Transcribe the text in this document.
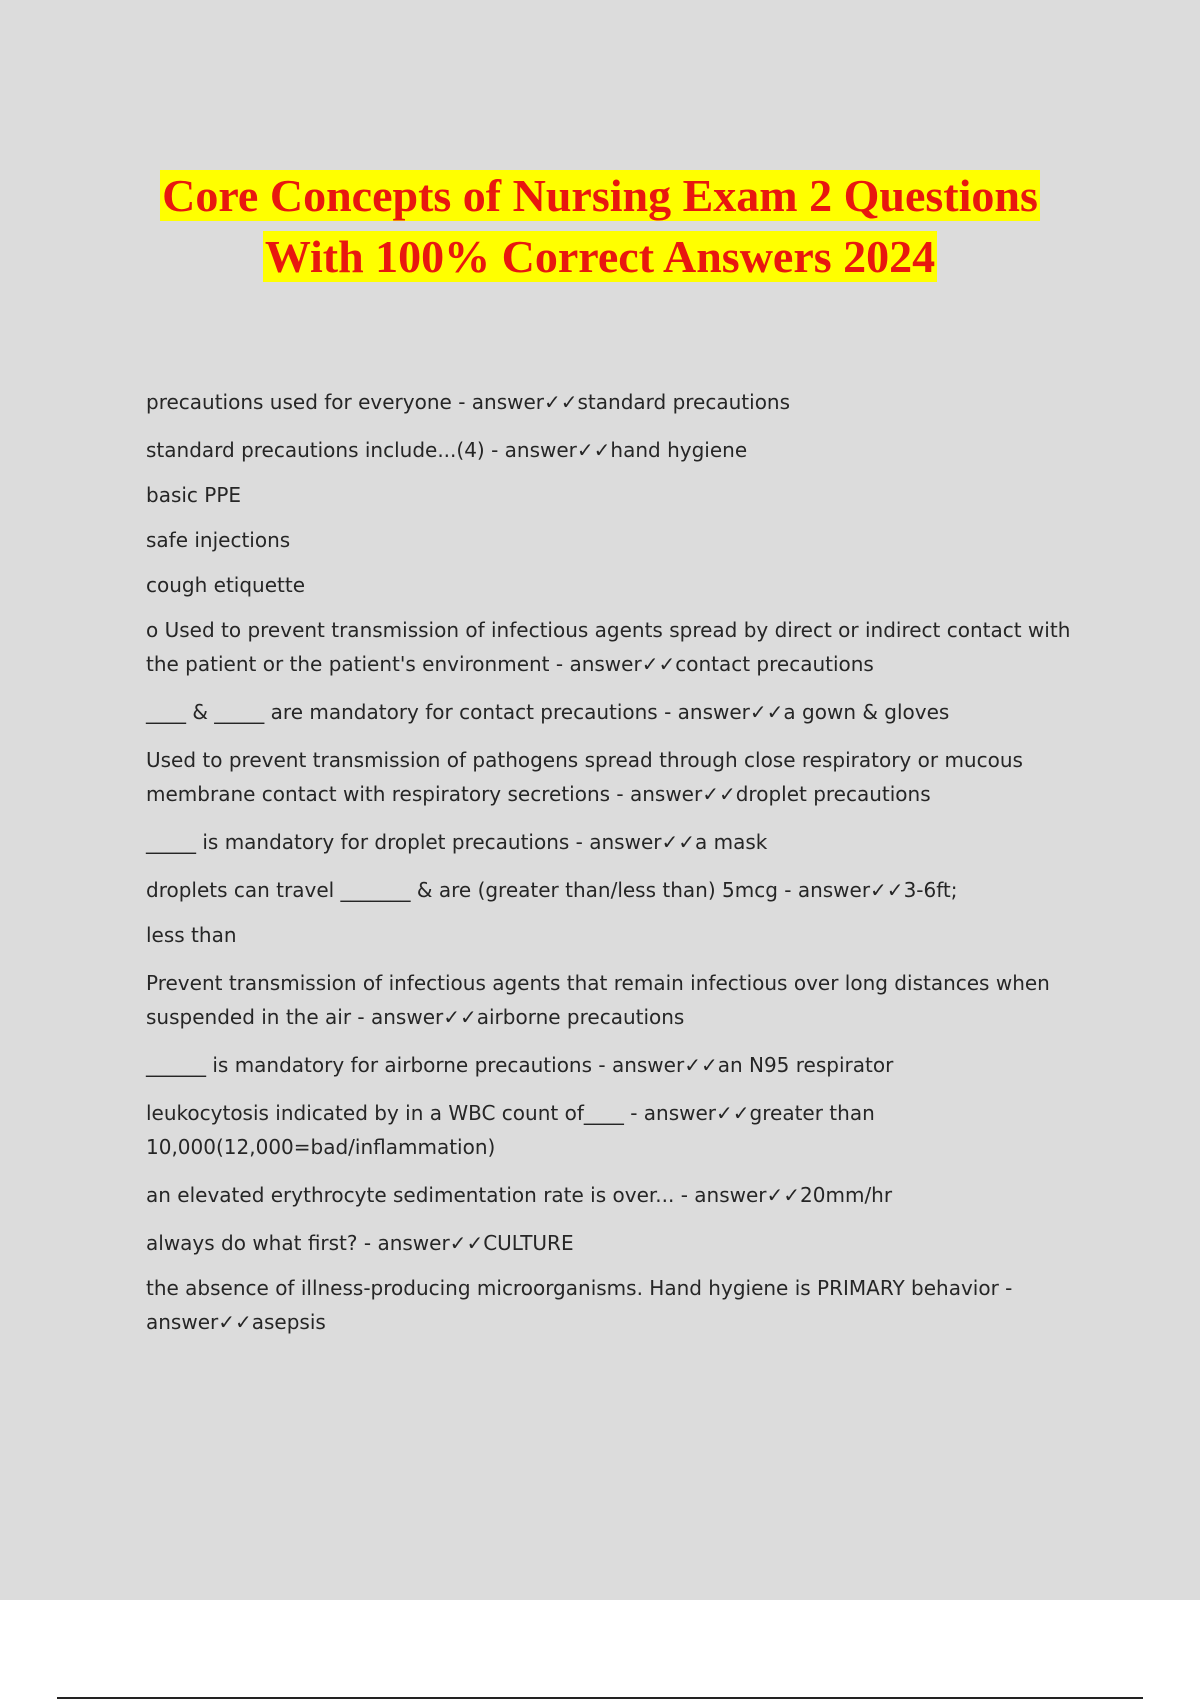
Core Concepts of Nursing Exam 2 Questions
With 100% Correct Answers 2024

precautions used for everyone - answer✓✓standard precautions

standard precautions include...(4) - answer✓✓hand hygiene

basic PPE

safe injections

cough etiquette

o Used to prevent transmission of infectious agents spread by direct or indirect contact with the patient or the patient's environment - answer✓✓contact precautions

____ & _____ are mandatory for contact precautions - answer✓✓a gown & gloves

Used to prevent transmission of pathogens spread through close respiratory or mucous membrane contact with respiratory secretions - answer✓✓droplet precautions

_____ is mandatory for droplet precautions - answer✓✓a mask

droplets can travel _______ & are (greater than/less than) 5mcg - answer✓✓3-6ft;

less than

Prevent transmission of infectious agents that remain infectious over long distances when suspended in the air - answer✓✓airborne precautions

______ is mandatory for airborne precautions - answer✓✓an N95 respirator

leukocytosis indicated by in a WBC count of____ - answer✓✓greater than 10,000(12,000=bad/inflammation)

an elevated erythrocyte sedimentation rate is over... - answer✓✓20mm/hr

always do what first? - answer✓✓CULTURE

the absence of illness-producing microorganisms. Hand hygiene is PRIMARY behavior - answer✓✓asepsis
